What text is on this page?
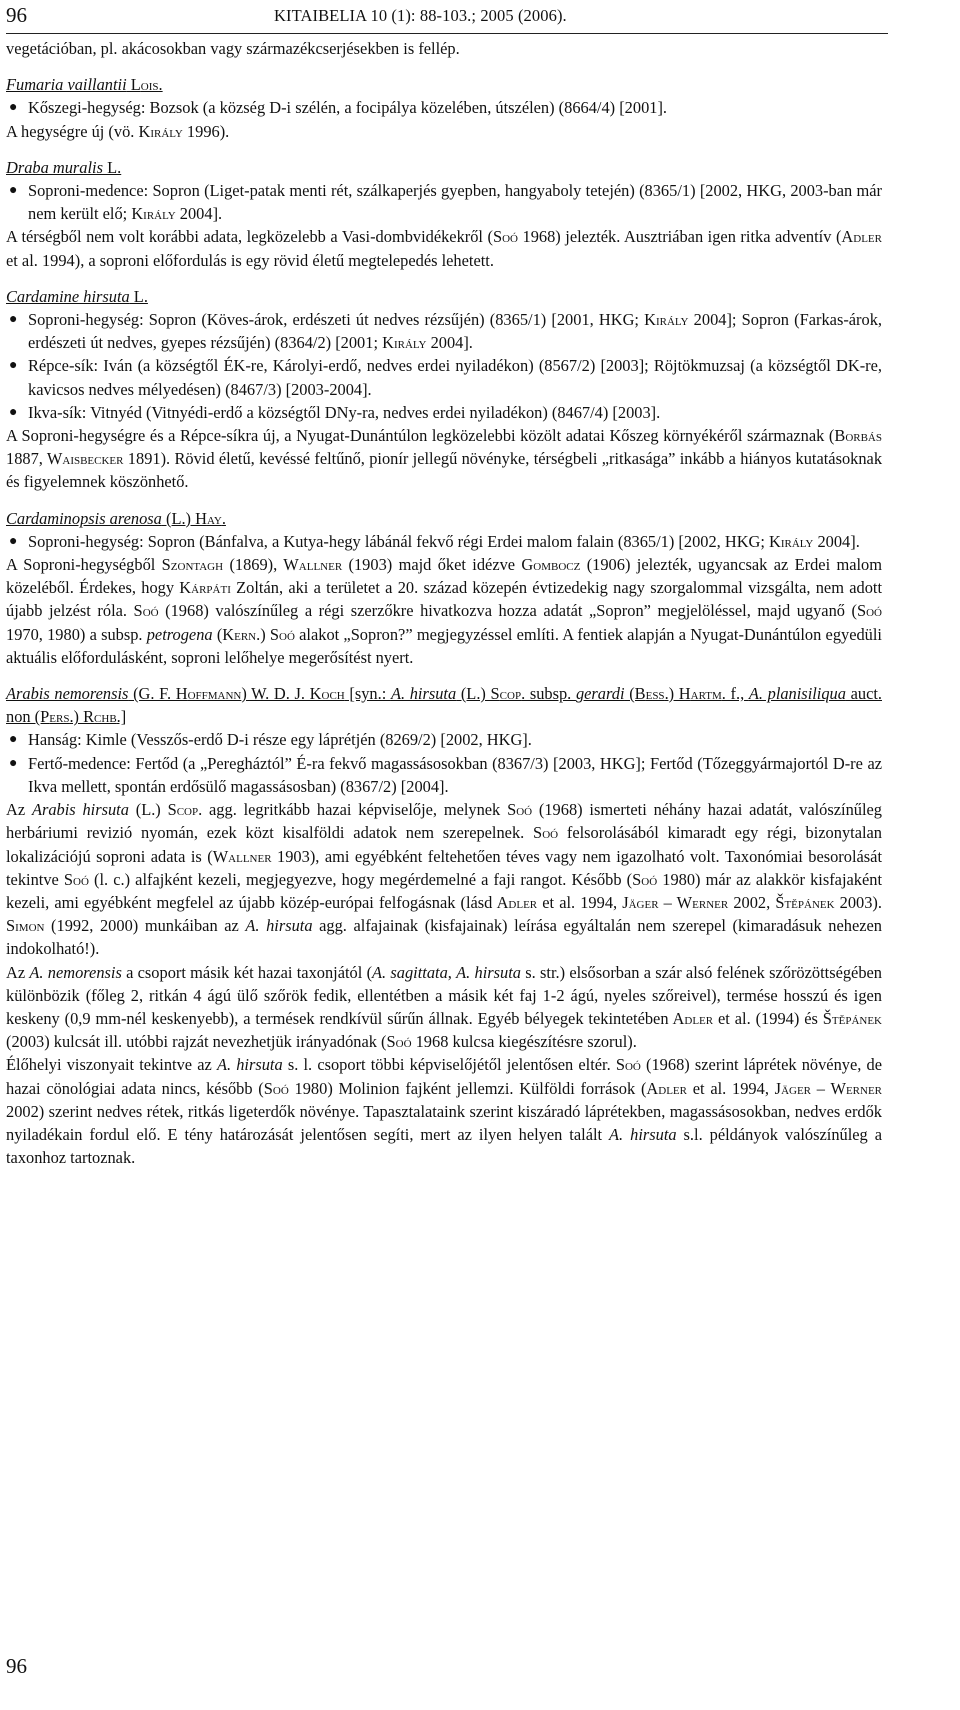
96	KITAIBELIA 10 (1): 88-103.; 2005 (2006).

vegetációban, pl. akácosokban vagy származékcserjésekben is fellép.

Fumaria vaillantii Lois.

● Kőszegi-hegység: Bozsok (a község D-i szélén, a focipálya közelében, útszélen) (8664/4) [2001].

A hegységre új (vö. Király 1996).

Draba muralis L.

● Soproni-medence: Sopron (Liget-patak menti rét, szálkaperjés gyepben, hangyaboly tetején) (8365/1) [2002, HKG, 2003-ban már nem került elő; Király 2004].

A térségből nem volt korábbi adata, legközelebb a Vasi-dombvidékekről (Soó 1968) jelezték. Ausztriában igen ritka adventív (Adler et al. 1994), a soproni előfordulás is egy rövid életű megtelepedés lehetett.

Cardamine hirsuta L.

● Soproni-hegység: Sopron (Köves-árok, erdészeti út nedves rézsűjén) (8365/1) [2001, HKG; Király 2004]; Sopron (Farkas-árok, erdészeti út nedves, gyepes rézsűjén) (8364/2) [2001; Király 2004].
● Répce-sík: Iván (a községtől ÉK-re, Károlyi-erdő, nedves erdei nyiladékon) (8567/2) [2003]; Röjtökmuzsaj (a községtől DK-re, kavicsos nedves mélyedésen) (8467/3) [2003-2004].
● Ikva-sík: Vitnyéd (Vitnyédi-erdő a községtől DNy-ra, nedves erdei nyiladékon) (8467/4) [2003].

A Soproni-hegységre és a Répce-síkra új, a Nyugat-Dunántúlon legközelebbi közölt adatai Kőszeg környékéről származnak (Borbás 1887, Waisbecker 1891). Rövid életű, kevéssé feltűnő, pionír jellegű növényke, térségbeli „ritkasága” inkább a hiányos kutatásoknak és figyelemnek köszönhető.

Cardaminopsis arenosa (L.) Hay.

● Soproni-hegység: Sopron (Bánfalva, a Kutya-hegy lábánál fekvő régi Erdei malom falain (8365/1) [2002, HKG; Király 2004].

A Soproni-hegységből Szontagh (1869), Wallner (1903) majd őket idézve Gombocz (1906) jelezték, ugyancsak az Erdei malom közeléből. Érdekes, hogy Kárpáti Zoltán, aki a területet a 20. század közepén évtizedekig nagy szorgalommal vizsgálta, nem adott újabb jelzést róla. Soó (1968) valószínűleg a régi szerzőkre hivatkozva hozza adatát „Sopron” megjelöléssel, majd ugyanő (Soó 1970, 1980) a subsp. petrogena (Kern.) Soó alakot „Sopron?” megjegyzéssel említi. A fentiek alapján a Nyugat-Dunántúlon egyedüli aktuális előfordulásként, soproni lelőhelye megerősítést nyert.

Arabis nemorensis (G. F. Hoffmann) W. D. J. Koch [syn.: A. hirsuta (L.) Scop. subsp. gerardi (Bess.) Hartm. f., A. planisiliqua auct. non (Pers.) Rchb.]

● Hanság: Kimle (Vesszős-erdő D-i része egy láprétjén (8269/2) [2002, HKG].
● Fertő-medence: Fertőd (a „Peregháztól” É-ra fekvő magassásosokban (8367/3) [2003, HKG]; Fertőd (Tőzeggyármajortól D-re az Ikva mellett, spontán erdősülő magassásosban) (8367/2) [2004].

Az Arabis hirsuta (L.) Scop. agg. legritkább hazai képviselője, melynek Soó (1968) ismerteti néhány hazai adatát, valószínűleg herbáriumi revizió nyomán, ezek közt kisalföldi adatok nem szerepelnek. Soó felsorolásából kimaradt egy régi, bizonytalan lokalizációjú soproni adata is (Wallner 1903), ami egyébként feltehetően téves vagy nem igazolható volt. Taxonómiai besorolását tekintve Soó (l. c.) alfajként kezeli, megjegyezve, hogy megérdemelné a faji rangot. Később (Soó 1980) már az alakkör kisfajaként kezeli, ami egyébként megfelel az újabb közép-európai felfogásnak (lásd Adler et al. 1994, Jäger – Werner 2002, Štěpánek 2003). Simon (1992, 2000) munkáiban az A. hirsuta agg. alfajainak (kisfajainak) leírása egyáltalán nem szerepel (kimaradásuk nehezen indokolható!).

Az A. nemorensis a csoport másik két hazai taxonjától (A. sagittata, A. hirsuta s. str.) elsősorban a szár alsó felének szőrözöttségében különbözik (főleg 2, ritkán 4 ágú ülő szőrök fedik, ellentétben a másik két faj 1-2 ágú, nyeles szőreivel), termése hosszú és igen keskeny (0,9 mm-nél keskenyebb), a termések rendkívül sűrűn állnak. Egyéb bélyegek tekintetében Adler et al. (1994) és Štěpánek (2003) kulcsát ill. utóbbi rajzát nevezhetjük irányadónak (Soó 1968 kulcsa kiegészítésre szorul).

Élőhelyi viszonyait tekintve az A. hirsuta s. l. csoport többi képviselőjétől jelentősen eltér. Soó (1968) szerint láprétek növénye, de hazai cönológiai adata nincs, később (Soó 1980) Molinion fajként jellemzi. Külföldi források (Adler et al. 1994, Jäger – Werner 2002) szerint nedves rétek, ritkás ligeterdők növénye. Tapasztalataink szerint kiszáradó láprétekben, magassásosokban, nedves erdők nyiladékain fordul elő. E tény határozását jelentősen segíti, mert az ilyen helyen talált A. hirsuta s.l. példányok valószínűleg a taxonhoz tartoznak.

96
